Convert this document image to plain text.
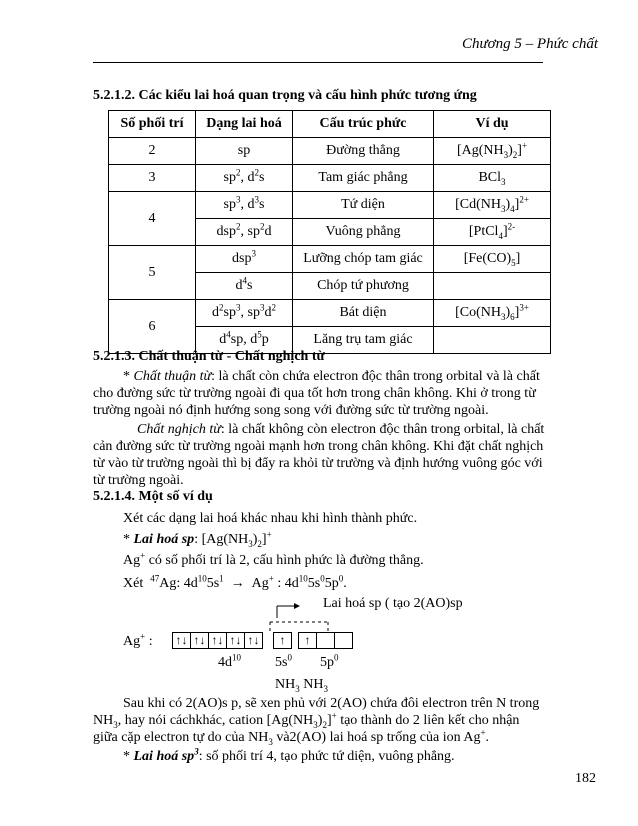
Chương 5 – Phức chất
5.2.1.2. Các kiểu lai hoá quan trọng và cấu hình phức tương ứng
Số phối trí	Dạng lai hoá	Cấu trúc phức	Ví dụ
2	sp	Đường thẳng	$[Ag(NH_3)_2]^+$
3	$sp^2$, $d^2s$	Tam giác phẳng	BCl$_3$
4	$sp^3$, $d^3s$	Tứ diện	$[Cd(NH_3)_4]^{2+}$
	dsp$^2$, $sp^2d$	Vuông phẳng	[PtCl$_4$]$^{2-}$
5	dsp$^3$	Lưỡng chóp tam giác	$[Fe(CO)_5]$
	$d^4s$	Chóp tứ phương	
6	$d^2sp^3$, $sp^3d^2$	Bát diện	$[Co(NH_3)_6]^{3+}$
	$d^4sp$, $d^5p$	Lăng trụ tam giác	
5.2.1.3. Chất thuận từ - Chất nghịch từ
* Chất thuận từ: là chất còn chứa electron độc thân trong orbital và là chất cho đường sức từ trường ngoài đi qua tốt hơn trong chân không. Khi ở trong từ trường ngoài nó định hướng song song với đường sức từ trường ngoài.
Chất nghịch từ: là chất không còn electron độc thân trong orbital, là chất cản đường sức từ trường ngoài mạnh hơn trong chân không. Khi đặt chất nghịch từ vào từ trường ngoài thì bị đẩy ra khỏi từ trường và định hướng vuông góc với từ trường ngoài.
5.2.1.4. Một số ví dụ
Xét các dạng lai hoá khác nhau khi hình thành phức.
* Lai hoá sp: $[Ag(NH_3)_2]^+$
Ag+ có số phối trí là 2, cấu hình phức là đường thẳng.
Xét  $^{47}$Ag: $4d^{10}5s^1 \to Ag^+$ : $4d^{10}5s^05p^0$.
Lai hoá sp ( tạo 2(AO)sp
Ag+ : ↑↓ ↑↓ ↑↓ ↑↓ ↑↓	↑	↑
$4d^{10}$ $5s^0$ $5p^0$
$NH_3$ $NH_3$
Sau khi có 2(AO)s p, sẽ xen phủ với 2(AO) chứa đôi electron trên N trong $NH_3$, hay nói cáchkhác, cation $[Ag(NH_3)_2]^+$ tạo thành do 2 liên kết cho nhận giữa cặp electron tự do của $NH_3$ và2(AO) lai hoá sp trống của ion Ag+.
* Lai hoá $sp^3$: số phối trí 4, tạo phức tứ diện, vuông phẳng.
182
